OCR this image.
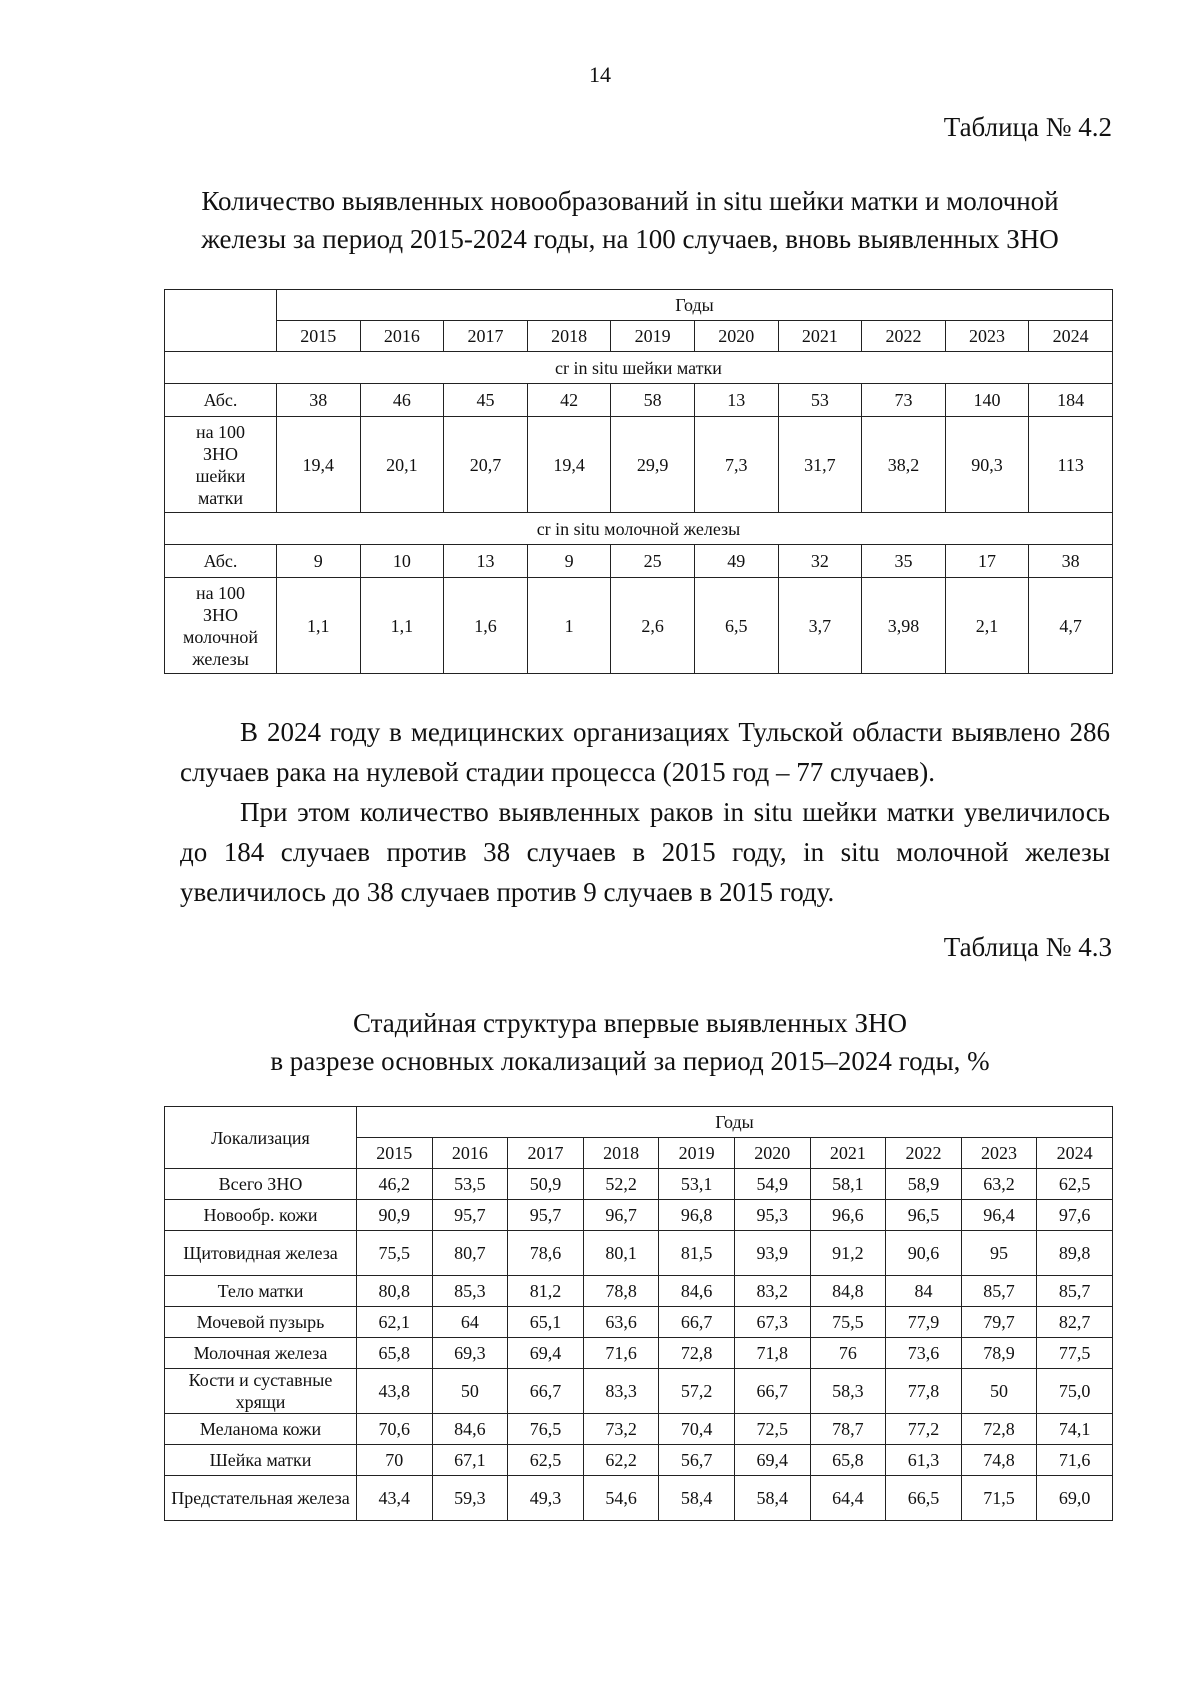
14
Таблица № 4.2
Количество выявленных новообразований in situ шейки матки и молочной
железы за период 2015-2024 годы, на 100 случаев, вновь выявленных ЗНО
	Годы									
	2015	2016	2017	2018	2019	2020	2021	2022	2023	2024
cr in situ шейки матки										
Абс.	38	46	45	42	58	13	53	73	140	184

на 100
ЗНО
шейки
матки	19,4	20,1	20,7	19,4	29,9	7,3	31,7	38,2	90,3	113
cr in situ молочной железы										
Абс.	9	10	13	9	25	49	32	35	17	38

на 100
ЗНО
молочной
железы	1,1	1,1	1,6	1	2,6	6,5	3,7	3,98	2,1	4,7

В 2024 году в медицинских организациях Тульской области выявлено 286 случаев рака на нулевой стадии процесса (2015 год – 77 случаев).

При этом количество выявленных раков in situ шейки матки увеличилось до 184 случаев против 38 случаев в 2015 году, in situ молочной железы увеличилось до 38 случаев против 9 случаев в 2015 году.

Таблица № 4.3
Стадийная структура впервые выявленных ЗНО
в разрезе основных локализаций за период 2015–2024 годы, %
Локализация	Годы									
	2015	2016	2017	2018	2019	2020	2021	2022	2023	2024
Всего ЗНО	46,2	53,5	50,9	52,2	53,1	54,9	58,1	58,9	63,2	62,5
Новообр. кожи	90,9	95,7	95,7	96,7	96,8	95,3	96,6	96,5	96,4	97,6
Щитовидная железа	75,5	80,7	78,6	80,1	81,5	93,9	91,2	90,6	95	89,8
Тело матки	80,8	85,3	81,2	78,8	84,6	83,2	84,8	84	85,7	85,7
Мочевой пузырь	62,1	64	65,1	63,6	66,7	67,3	75,5	77,9	79,7	82,7
Молочная железа	65,8	69,3	69,4	71,6	72,8	71,8	76	73,6	78,9	77,5
Кости и суставные хрящи	43,8	50	66,7	83,3	57,2	66,7	58,3	77,8	50	75,0
Меланома кожи	70,6	84,6	76,5	73,2	70,4	72,5	78,7	77,2	72,8	74,1
Шейка матки	70	67,1	62,5	62,2	56,7	69,4	65,8	61,3	74,8	71,6
Предстательная железа	43,4	59,3	49,3	54,6	58,4	58,4	64,4	66,5	71,5	69,0
